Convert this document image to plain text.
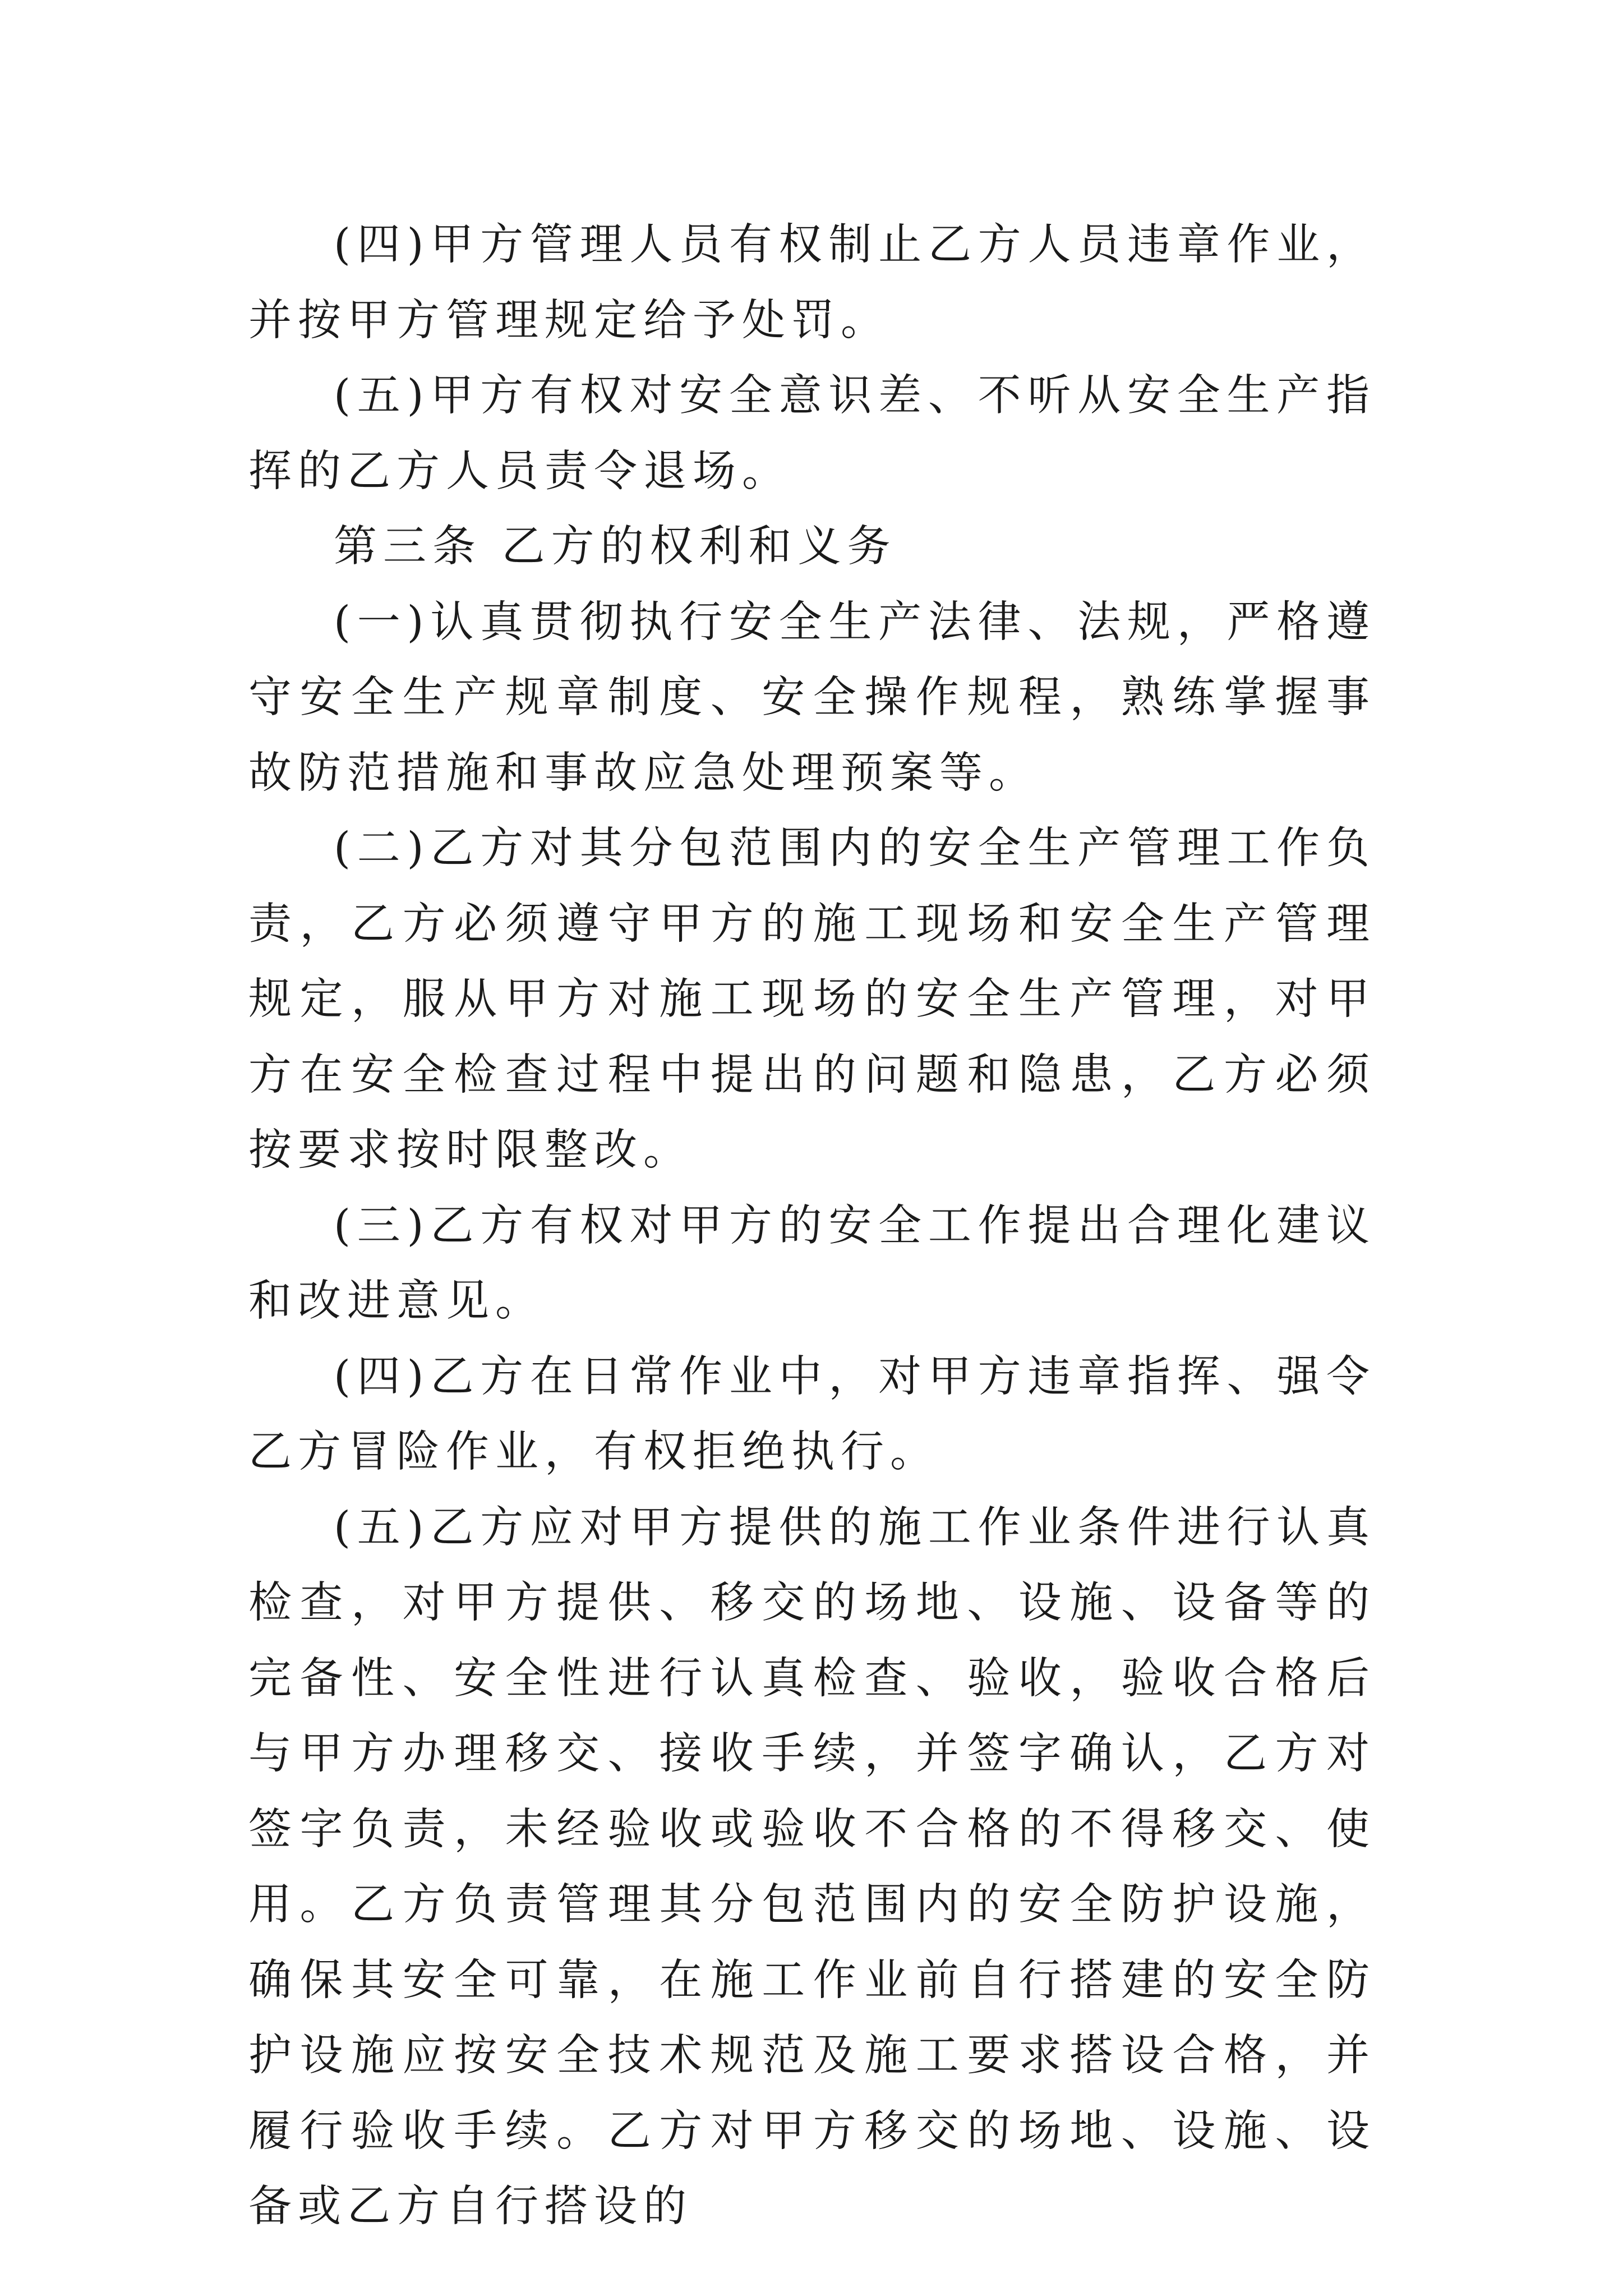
(四)甲方管理人员有权制止乙方人员违章作业，并按甲方管理规定给予处罚。

(五)甲方有权对安全意识差、不听从安全生产指挥的乙方人员责令退场。

第三条 乙方的权利和义务

(一)认真贯彻执行安全生产法律、法规，严格遵守安全生产规章制度、安全操作规程，熟练掌握事故防范措施和事故应急处理预案等。

(二)乙方对其分包范围内的安全生产管理工作负责，乙方必须遵守甲方的施工现场和安全生产管理规定，服从甲方对施工现场的安全生产管理，对甲方在安全检查过程中提出的问题和隐患，乙方必须按要求按时限整改。

(三)乙方有权对甲方的安全工作提出合理化建议和改进意见。

(四)乙方在日常作业中，对甲方违章指挥、强令乙方冒险作业，有权拒绝执行。

(五)乙方应对甲方提供的施工作业条件进行认真检查，对甲方提供、移交的场地、设施、设备等的完备性、安全性进行认真检查、验收，验收合格后与甲方办理移交、接收手续，并签字确认，乙方对签字负责，未经验收或验收不合格的不得移交、使用。乙方负责管理其分包范围内的安全防护设施，确保其安全可靠，在施工作业前自行搭建的安全防护设施应按安全技术规范及施工要求搭设合格，并履行验收手续。乙方对甲方移交的场地、设施、设备或乙方自行搭设的
